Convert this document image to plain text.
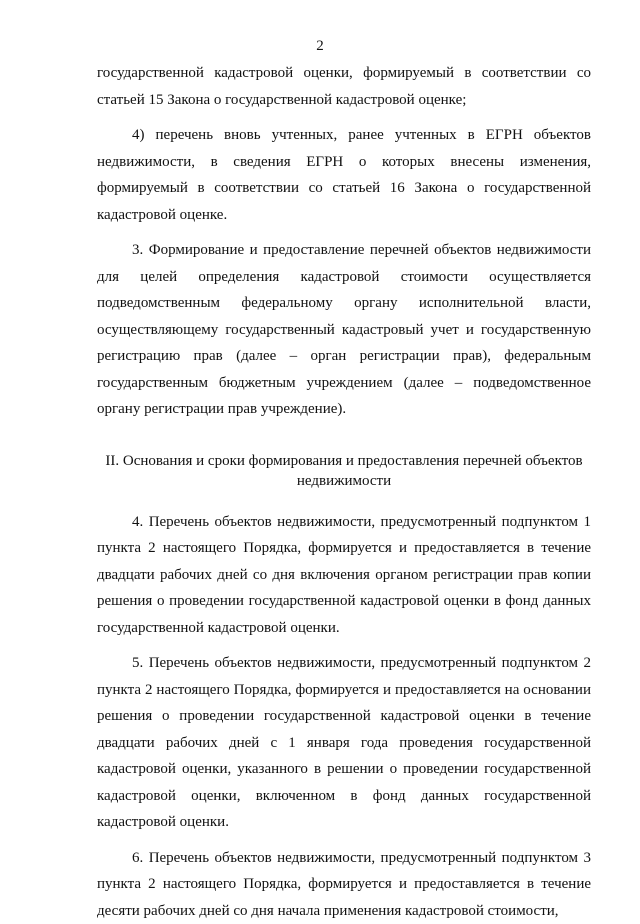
2

государственной кадастровой оценки, формируемый в соответствии со статьей 15 Закона о государственной кадастровой оценке;

4) перечень вновь учтенных, ранее учтенных в ЕГРН объектов недвижимости, в сведения ЕГРН о которых внесены изменения, формируемый в соответствии со статьей 16 Закона о государственной кадастровой оценке.

3. Формирование и предоставление перечней объектов недвижимости для целей определения кадастровой стоимости осуществляется подведомственным федеральному органу исполнительной власти, осуществляющему государственный кадастровый учет и государственную регистрацию прав (далее – орган регистрации прав), федеральным государственным бюджетным учреждением (далее – подведомственное органу регистрации прав учреждение).

II. Основания и сроки формирования и предоставления перечней объектов недвижимости

4. Перечень объектов недвижимости, предусмотренный подпунктом 1 пункта 2 настоящего Порядка, формируется и предоставляется в течение двадцати рабочих дней со дня включения органом регистрации прав копии решения о проведении государственной кадастровой оценки в фонд данных государственной кадастровой оценки.

5. Перечень объектов недвижимости, предусмотренный подпунктом 2 пункта 2 настоящего Порядка, формируется и предоставляется на основании решения о проведении государственной кадастровой оценки в течение двадцати рабочих дней с 1 января года проведения государственной кадастровой оценки, указанного в решении о проведении государственной кадастровой оценки, включенном в фонд данных государственной кадастровой оценки.

6. Перечень объектов недвижимости, предусмотренный подпунктом 3 пункта 2 настоящего Порядка, формируется и предоставляется в течение десяти рабочих дней со дня начала применения кадастровой стоимости,
